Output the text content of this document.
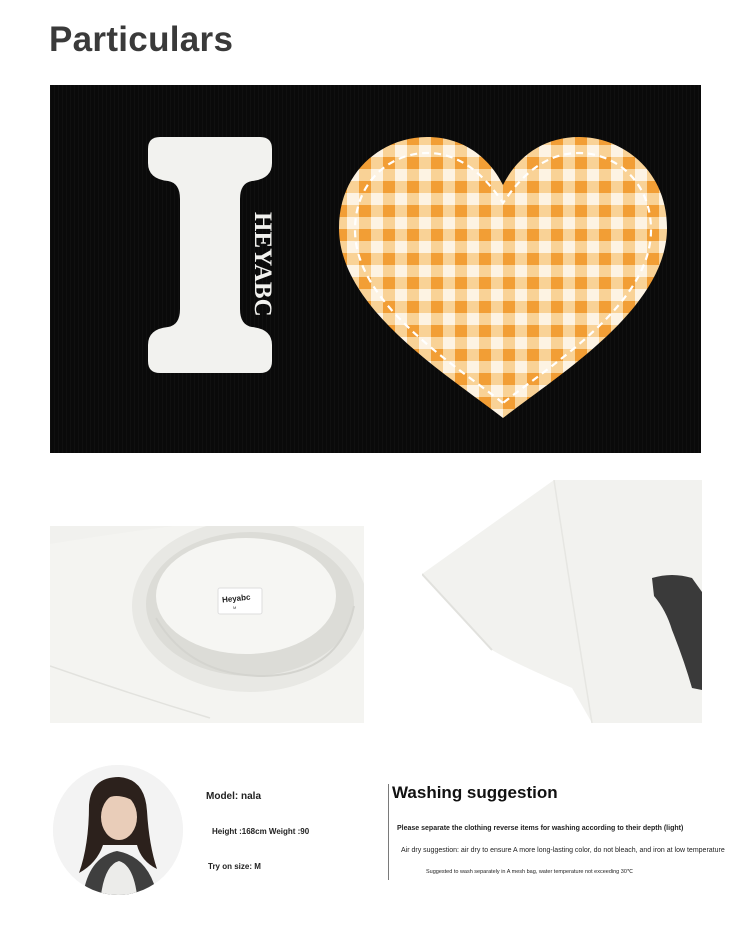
Particulars
HEYABC
Heyabc
M
Model: nala
Height :168cm Weight :90
Try on size: M
Washing suggestion
Please separate the clothing reverse items for washing according to their depth (light)
Air dry suggestion: air dry to ensure A more long-lasting color, do not bleach, and iron at low temperature
Suggested to wash separately in A mesh bag, water temperature not exceeding 30℃
